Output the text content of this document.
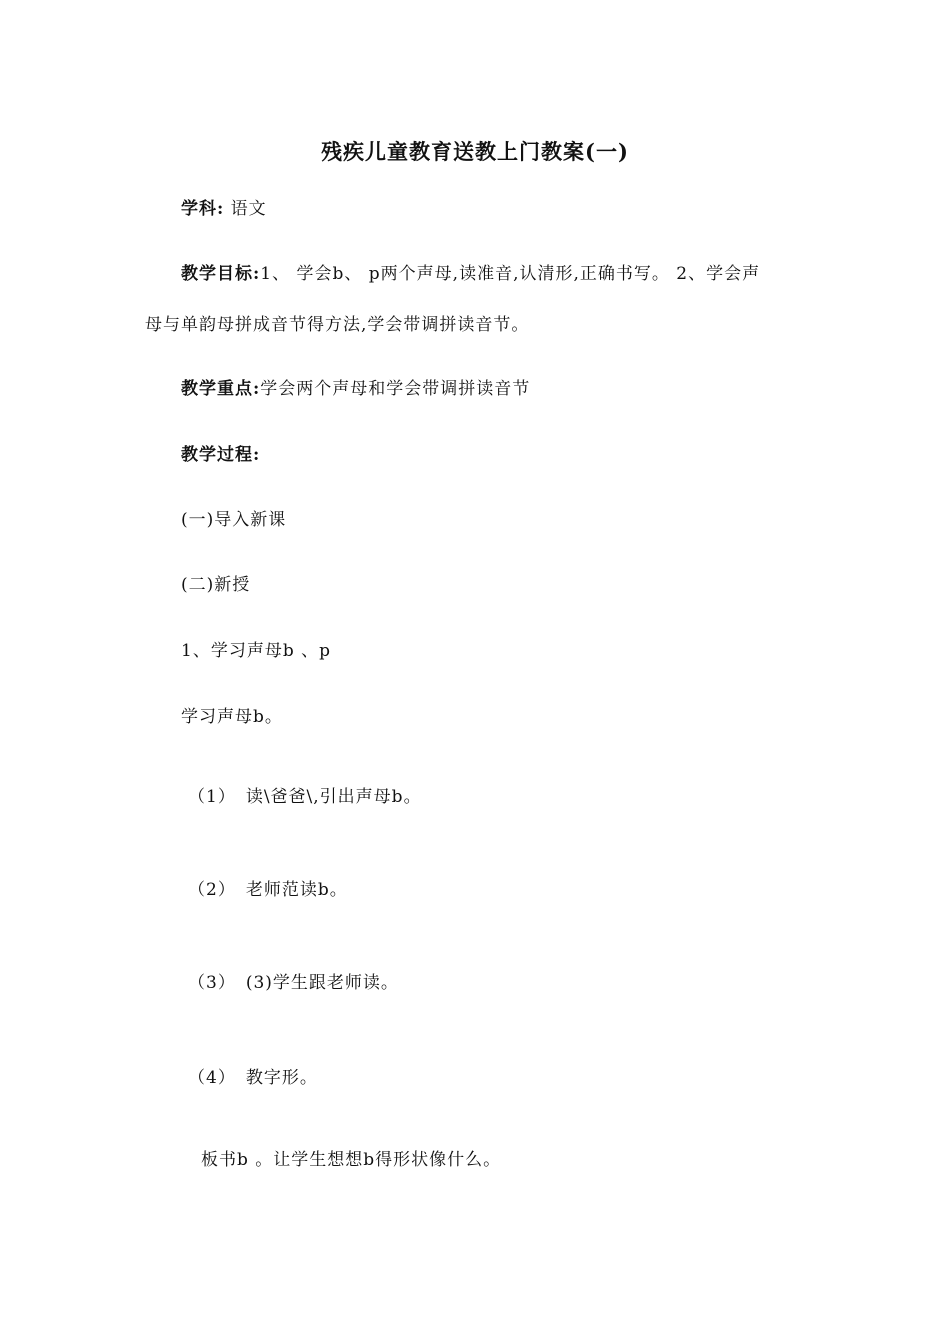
残疾儿童教育送教上门教案(一)
学科: 语文
教学目标:1、 学会b、 p两个声母,读准音,认清形,正确书写。 2、学会声
母与单韵母拼成音节得方法,学会带调拼读音节。
教学重点:学会两个声母和学会带调拼读音节
教学过程:
(一)导入新课
(二)新授
1、学习声母b 、p
学习声母b。
（1） 读\爸爸\,引出声母b。
（2） 老师范读b。
（3） (3)学生跟老师读。
（4） 教字形。
板书b 。让学生想想b得形状像什么。
